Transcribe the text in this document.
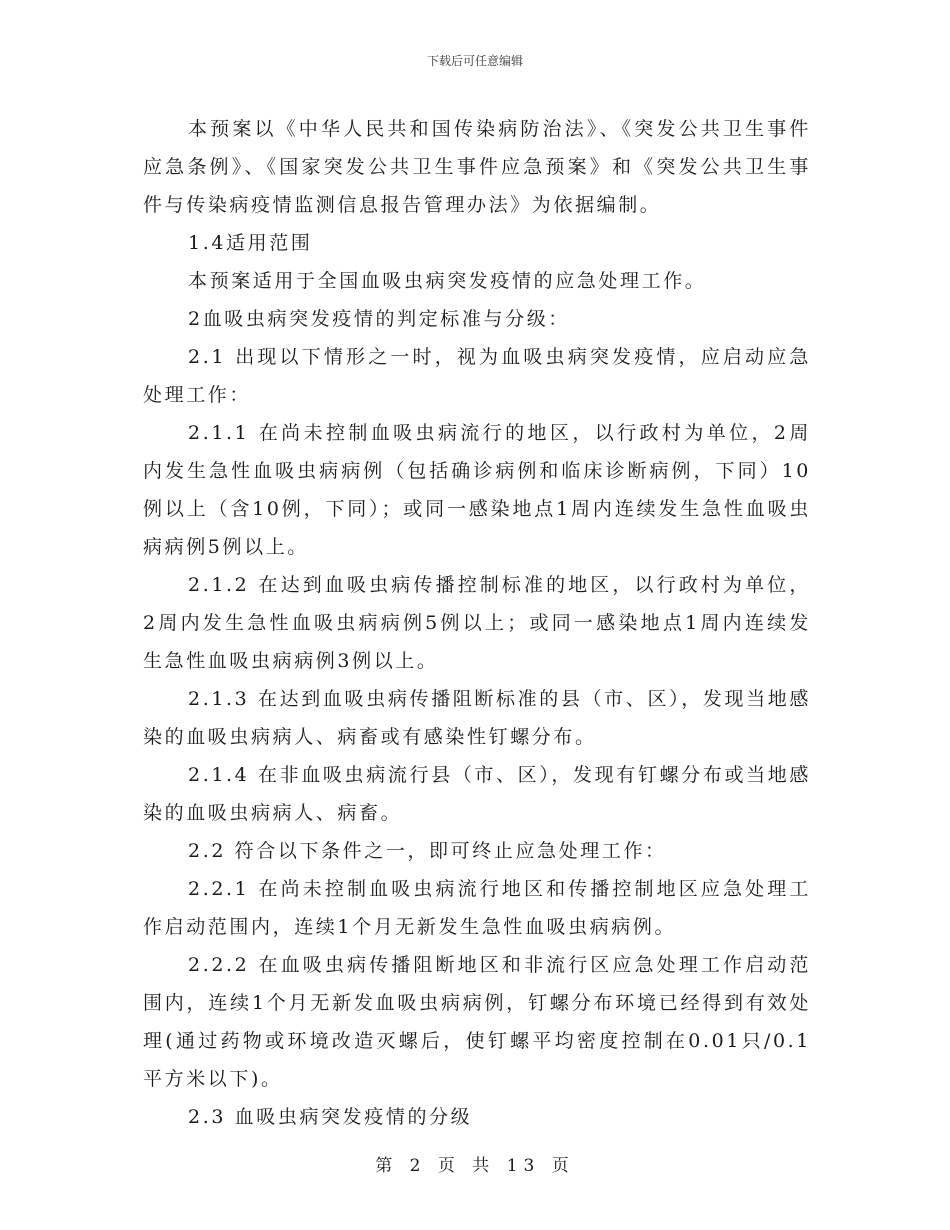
下载后可任意编辑

本预案以《中华人民共和国传染病防治法》、《突发公共卫生事件应急条例》、《国家突发公共卫生事件应急预案》和《突发公共卫生事件与传染病疫情监测信息报告管理办法》为依据编制。

1.4适用范围

本预案适用于全国血吸虫病突发疫情的应急处理工作。

2血吸虫病突发疫情的判定标准与分级：

2.1 出现以下情形之一时，视为血吸虫病突发疫情，应启动应急处理工作：

2.1.1 在尚未控制血吸虫病流行的地区，以行政村为单位，2周内发生急性血吸虫病病例（包括确诊病例和临床诊断病例，下同）10例以上（含10例，下同）；或同一感染地点1周内连续发生急性血吸虫病病例5例以上。

2.1.2 在达到血吸虫病传播控制标准的地区，以行政村为单位，2周内发生急性血吸虫病病例5例以上；或同一感染地点1周内连续发生急性血吸虫病病例3例以上。

2.1.3 在达到血吸虫病传播阻断标准的县（市、区），发现当地感染的血吸虫病病人、病畜或有感染性钉螺分布。

2.1.4 在非血吸虫病流行县（市、区），发现有钉螺分布或当地感染的血吸虫病病人、病畜。

2.2 符合以下条件之一，即可终止应急处理工作：

2.2.1 在尚未控制血吸虫病流行地区和传播控制地区应急处理工作启动范围内，连续1个月无新发生急性血吸虫病病例。

2.2.2 在血吸虫病传播阻断地区和非流行区应急处理工作启动范围内，连续1个月无新发血吸虫病病例，钉螺分布环境已经得到有效处理(通过药物或环境改造灭螺后，使钉螺平均密度控制在0.01只/0.1平方米以下)。

2.3 血吸虫病突发疫情的分级

第 2 页 共 13 页
